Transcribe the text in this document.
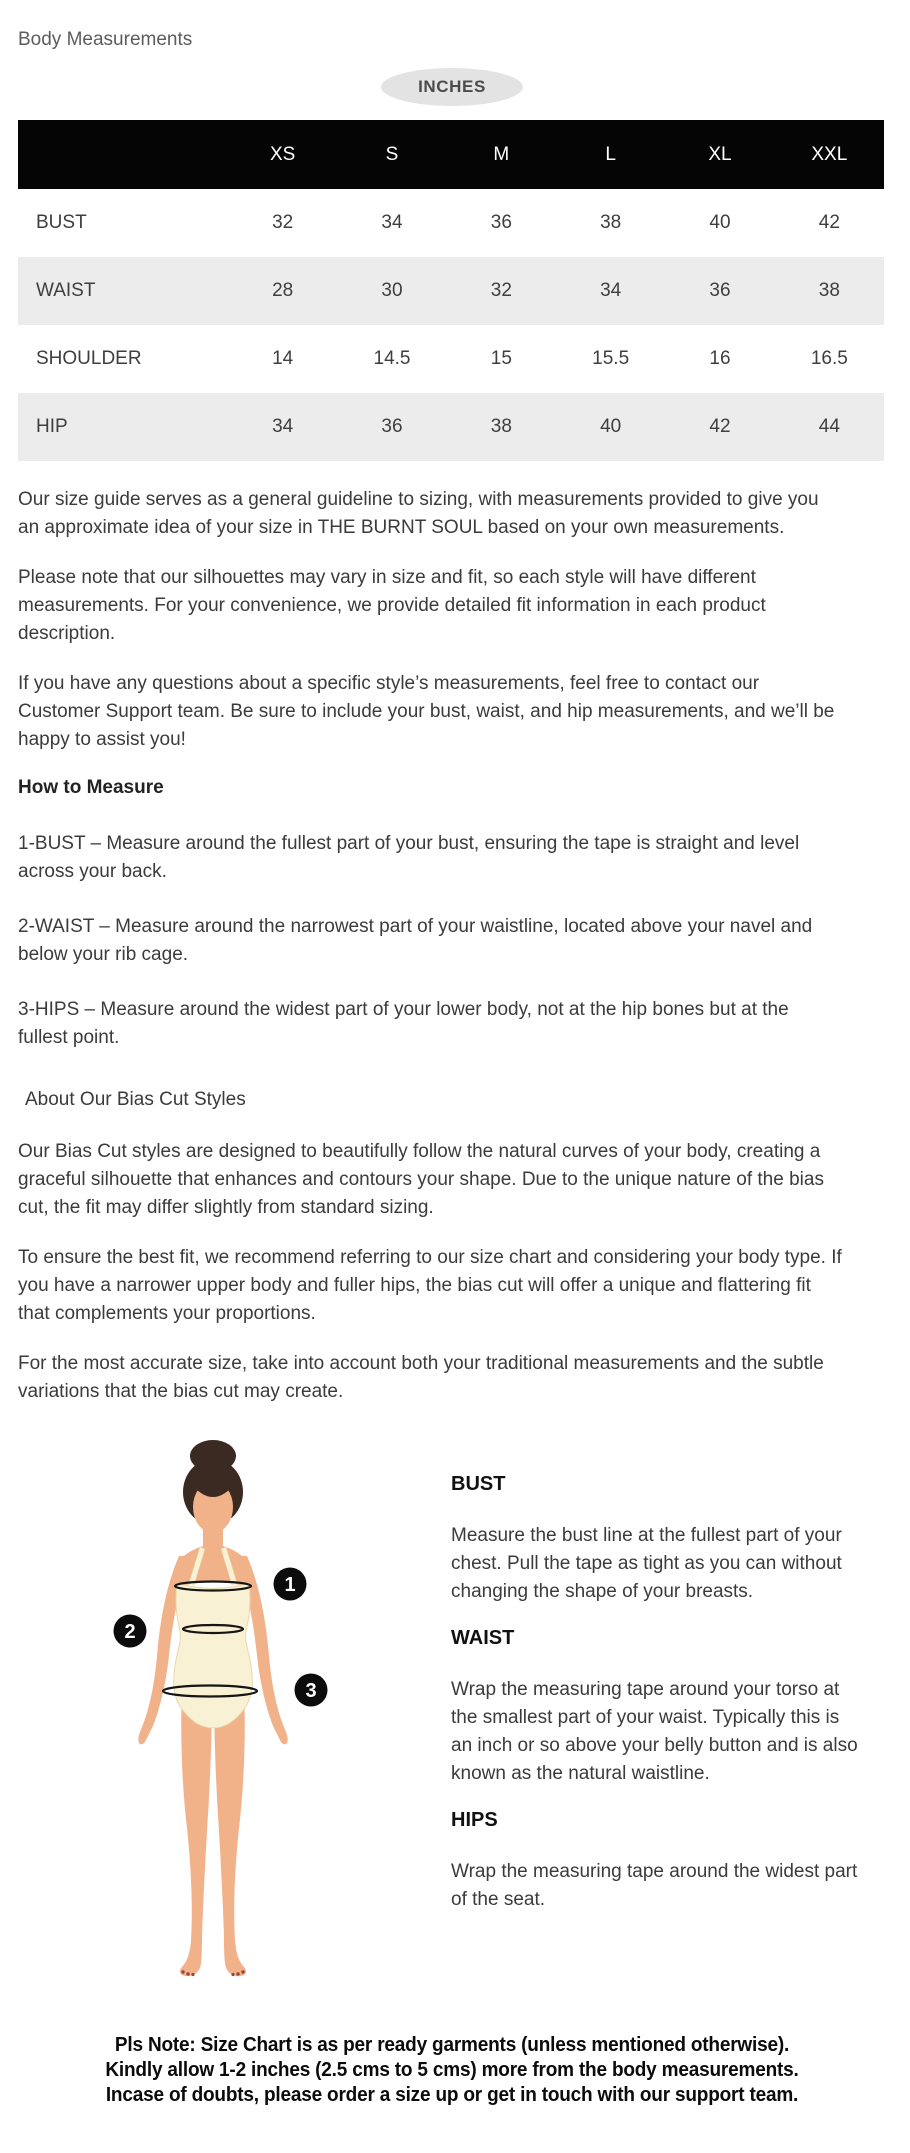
Body Measurements
INCHES
	XS	S	M	L	XL	XXL
BUST	32	34	36	38	40	42
WAIST	28	30	32	34	36	38
SHOULDER	14	14.5	15	15.5	16	16.5
HIP	34	36	38	40	42	44

Our size guide serves as a general guideline to sizing, with measurements provided to give you an approximate idea of your size in THE BURNT SOUL based on your own measurements.

Please note that our silhouettes may vary in size and fit, so each style will have different measurements. For your convenience, we provide detailed fit information in each product description.

If you have any questions about a specific style’s measurements, feel free to contact our Customer Support team. Be sure to include your bust, waist, and hip measurements, and we’ll be happy to assist you!

How to Measure

1-BUST – Measure around the fullest part of your bust, ensuring the tape is straight and level across your back.

2-WAIST – Measure around the narrowest part of your waistline, located above your navel and below your rib cage.

3-HIPS – Measure around the widest part of your lower body, not at the hip bones but at the fullest point.

About Our Bias Cut Styles

Our Bias Cut styles are designed to beautifully follow the natural curves of your body, creating a graceful silhouette that enhances and contours your shape. Due to the unique nature of the bias cut, the fit may differ slightly from standard sizing.

To ensure the best fit, we recommend referring to our size chart and considering your body type. If you have a narrower upper body and fuller hips, the bias cut will offer a unique and flattering fit that complements your proportions.

For the most accurate size, take into account both your traditional measurements and the subtle variations that the bias cut may create.

1
2
3
BUST

Measure the bust line at the fullest part of your chest. Pull the tape as tight as you can without changing the shape of your breasts.

WAIST

Wrap the measuring tape around your torso at the smallest part of your waist. Typically this is an inch or so above your belly button and is also known as the natural waistline.

HIPS

Wrap the measuring tape around the widest part of the seat.

Pls Note: Size Chart is as per ready garments (unless mentioned otherwise).
Kindly allow 1-2 inches (2.5 cms to 5 cms) more from the body measurements.
Incase of doubts, please order a size up or get in touch with our support team.
